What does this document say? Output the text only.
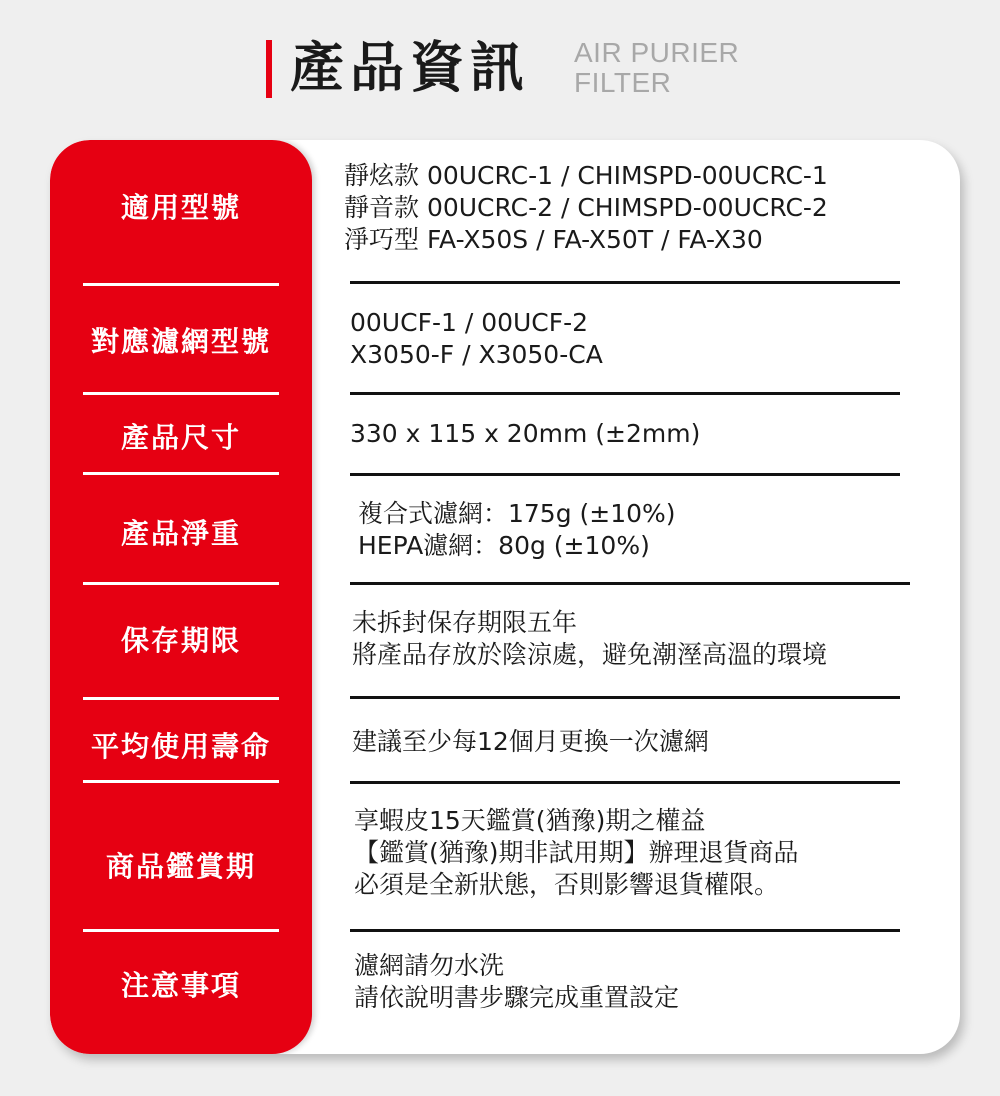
產品資訊 AIR PURIER
FILTER
適用型號
對應濾網型號
產品尺寸
產品淨重
保存期限
平均使用壽命
商品鑑賞期
注意事項
靜炫款 00UCRC-1 / CHIMSPD-00UCRC-1
靜音款 00UCRC-2 / CHIMSPD-00UCRC-2
淨巧型 FA-X50S / FA-X50T / FA-X30
00UCF-1 / 00UCF-2
X3050-F / X3050-CA
330 x 115 x 20mm (±2mm)
複合式濾網：175g (±10%)
HEPA濾網：80g (±10%)
未拆封保存期限五年
將產品存放於陰涼處，避免潮溼高溫的環境
建議至少每12個月更換一次濾網
享蝦皮15天鑑賞(猶豫)期之權益
【鑑賞(猶豫)期非試用期】辦理退貨商品
必須是全新狀態，否則影響退貨權限。
濾網請勿水洗
請依說明書步驟完成重置設定
